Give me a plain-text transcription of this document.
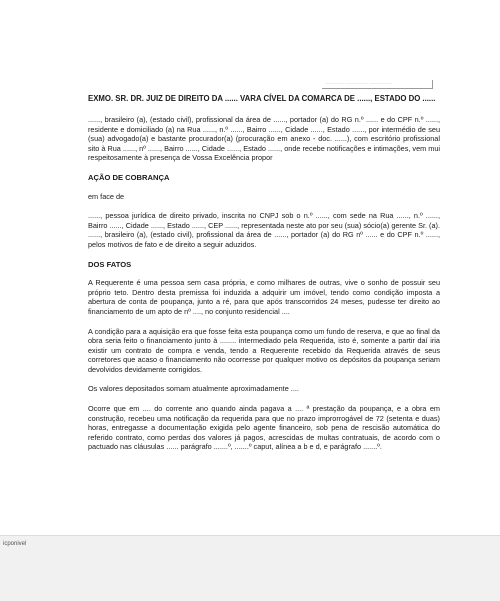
_______ ________ ________

EXMO. SR. DR. JUIZ DE DIREITO DA ...... VARA CÍVEL DA COMARCA DE ......, ESTADO DO ......

......, brasileiro (a), (estado civil), profissional da área de ......, portador (a) do RG n.º ...... e do CPF n.º ......, residente e domiciliado (a) na Rua ......, n.º ......, Bairro ......, Cidade ......, Estado ......, por intermédio de seu (sua) advogado(a) e bastante procurador(a) (procuração em anexo - doc. ......), com escritório profissional sito à Rua ......, nº ......, Bairro ......, Cidade ......, Estado ......, onde recebe notificações e intimações, vem mui respeitosamente à presença de Vossa Excelência propor

AÇÃO DE COBRANÇA

em face de

......, pessoa jurídica de direito privado, inscrita no CNPJ sob o n.º ......, com sede na Rua ......, n.º ......, Bairro ......, Cidade ......, Estado ......, CEP ......, representada neste ato por seu (sua) sócio(a) gerente Sr. (a). ......, brasileiro (a), (estado civil), profissional da área de ......, portador (a) do RG nº ...... e do CPF n.º ......, pelos motivos de fato e de direito a seguir aduzidos.

DOS FATOS

A Requerente é uma pessoa sem casa própria, e como milhares de outras, vive o sonho de possuir seu próprio teto. Dentro desta premissa foi induzida a adquirir um imóvel, tendo como condição imposta a abertura de conta de poupança, junto a ré, para que após transcorridos 24 meses, pudesse ter direito ao financiamento de um apto de nº ...., no conjunto residencial ....

A condição para a aquisição era que fosse feita esta poupança como um fundo de reserva, e que ao final da obra seria feito o financiamento junto à ........ intermediado pela Requerida, isto é, somente a partir daí iria existir um contrato de compra e venda, tendo a Requerente recebido da Requerida através de seus corretores que acaso o financiamento não ocorresse por qualquer motivo os depósitos da poupança seriam devolvidos devidamente corrigidos.

Os valores depositados somam atualmente aproximadamente ....

Ocorre que em .... do corrente ano quando ainda pagava a .... ª prestação da poupança, e a obra em construção, recebeu uma notificação da requerida para que no prazo improrrogável de 72 (setenta e duas) horas, entregasse a documentação exigida pelo agente financeiro, sob pena de rescisão automática do referido contrato, como perdas dos valores já pagos, acrescidas de multas contratuais, de acordo com o pactuado nas cláusulas ...... parágrafo .......º, .......º caput, alínea a b e d, e parágrafo .......º.

icponivel
